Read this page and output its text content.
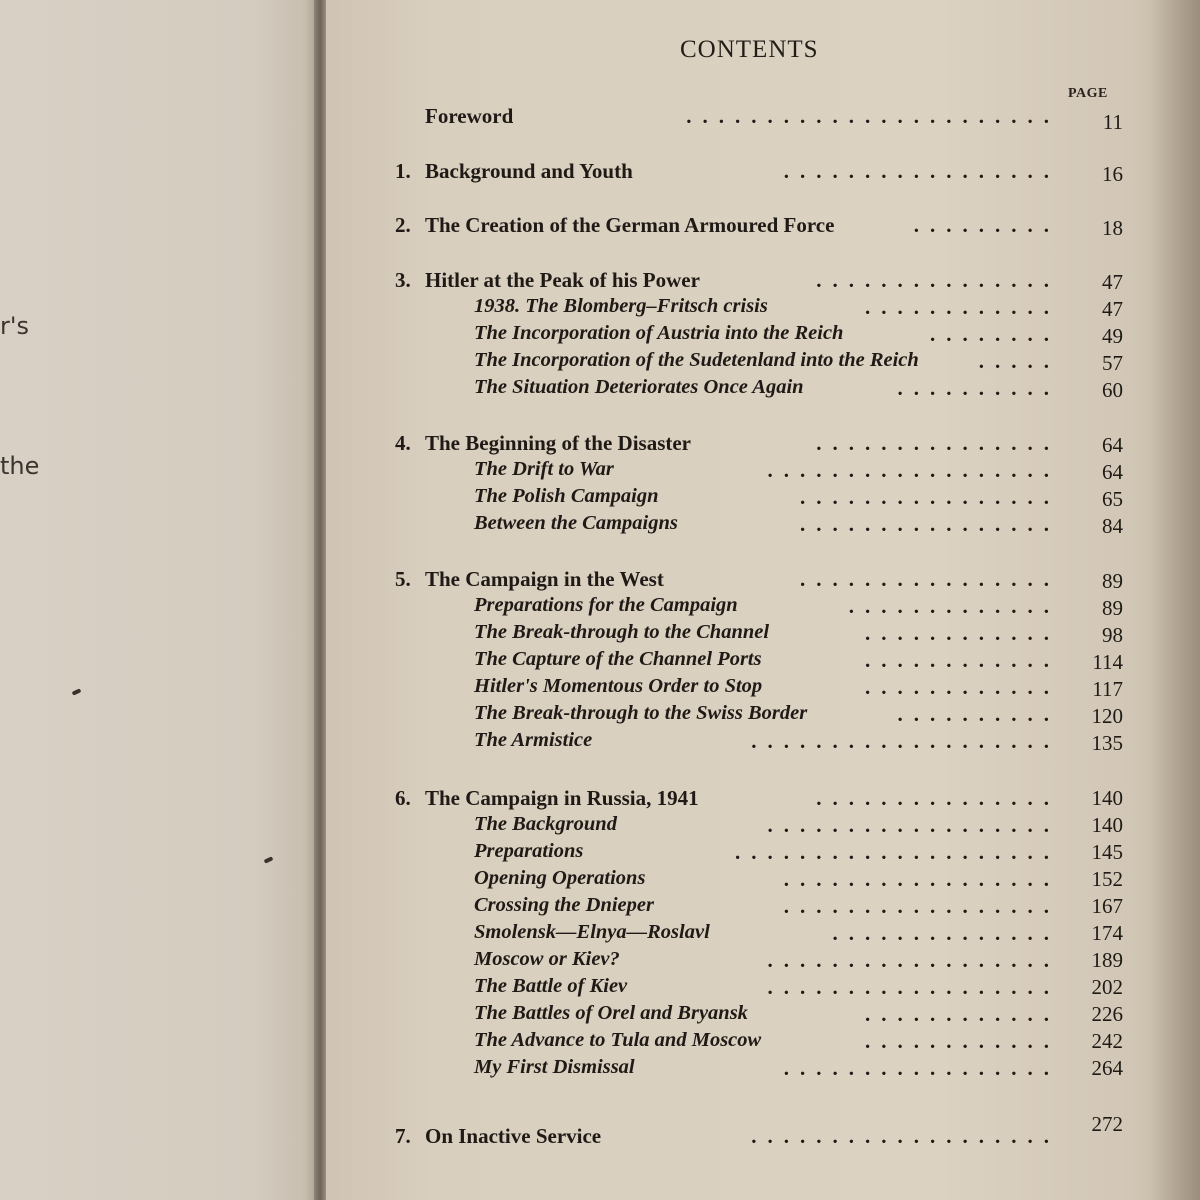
r's
the
CONTENTS
PAGE
Foreword	.......................	11
1. Background and Youth	.................	16
2. The Creation of the German Armoured Force	.........	18
3. Hitler at the Peak of his Power	...............	47
1938. The Blomberg–Fritsch crisis	............	47
The Incorporation of Austria into the Reich	........	49
The Incorporation of the Sudetenland into the Reich	.....	57
The Situation Deteriorates Once Again	..........	60
4. The Beginning of the Disaster	...............	64
The Drift to War	..................	64
The Polish Campaign	................	65
Between the Campaigns	................	84
5. The Campaign in the West	................	89
Preparations for the Campaign	.............	89
The Break-through to the Channel	............	98
The Capture of the Channel Ports	............	114
Hitler's Momentous Order to Stop	............	117
The Break-through to the Swiss Border	..........	120
The Armistice	...................	135
6. The Campaign in Russia, 1941	...............	140
The Background	..................	140
Preparations	....................	145
Opening Operations	.................	152
Crossing the Dnieper	.................	167
Smolensk—Elnya—Roslavl	..............	174
Moscow or Kiev?	..................	189
The Battle of Kiev	..................	202
The Battles of Orel and Bryansk	............	226
The Advance to Tula and Moscow	............	242
My First Dismissal	.................	264
7. On Inactive Service	...................	272
